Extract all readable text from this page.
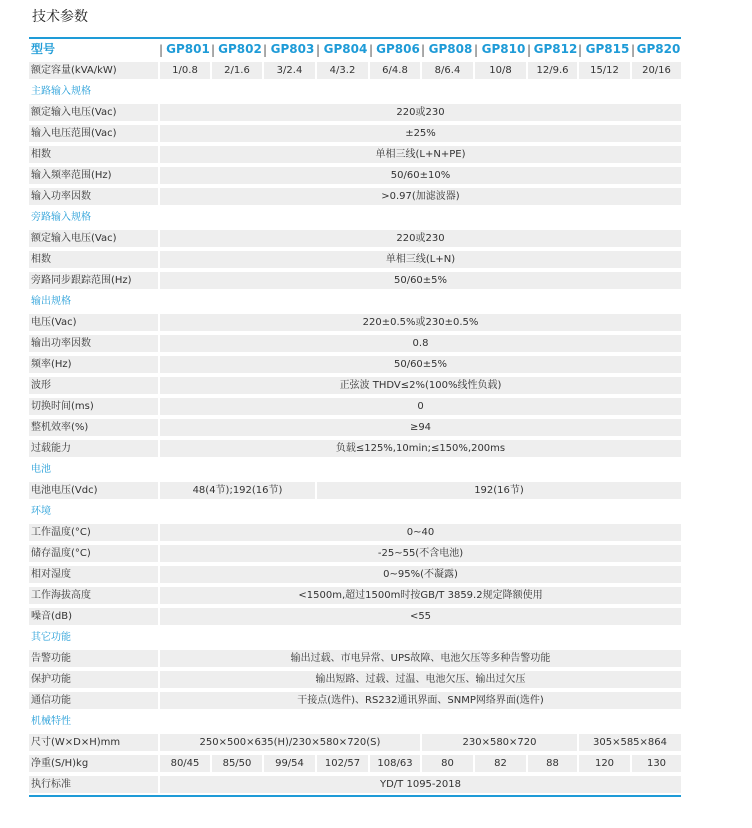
技术参数
型号	| GP801 | GP802 | GP803 | GP804 | GP806 | GP808 | GP810 | GP812 | GP815 | GP820
额定容量(kVA/kW)	1/0.8	2/1.6	3/2.4	4/3.2	6/4.8	8/6.4	10/8	12/9.6	15/12	20/16
主路输入规格
额定输入电压(Vac)	220或230
输入电压范围(Vac)	±25%
相数	单相三线(L+N+PE)
输入频率范围(Hz)	50/60±10%
输入功率因数	>0.97(加滤波器)
旁路输入规格
额定输入电压(Vac)	220或230
相数	单相三线(L+N)
旁路同步跟踪范围(Hz)	50/60±5%
输出规格
电压(Vac)	220±0.5%或230±0.5%
输出功率因数	0.8
频率(Hz)	50/60±5%
波形	正弦波 THDV≤2%(100%线性负载)
切换时间(ms)	0
整机效率(%)	≥94
过载能力	负载≤125%,10min;≤150%,200ms
电池
电池电压(Vdc)	48(4节);192(16节)	192(16节)
环境
工作温度(°C)	0~40
储存温度(°C)	-25~55(不含电池)
相对湿度	0~95%(不凝露)
工作海拔高度	<1500m,超过1500m时按GB/T 3859.2规定降额使用
噪音(dB)	<55
其它功能
告警功能	输出过载、市电异常、UPS故障、电池欠压等多种告警功能
保护功能	输出短路、过载、过温、电池欠压、输出过欠压
通信功能	干接点(选件)、RS232通讯界面、SNMP网络界面(选件)
机械特性
尺寸(W×D×H)mm	250×500×635(H)/230×580×720(S)	230×580×720	305×585×864
净重(S/H)kg	80/45	85/50	99/54	102/57	108/63	80	82	88	120	130
执行标准	YD/T 1095-2018
